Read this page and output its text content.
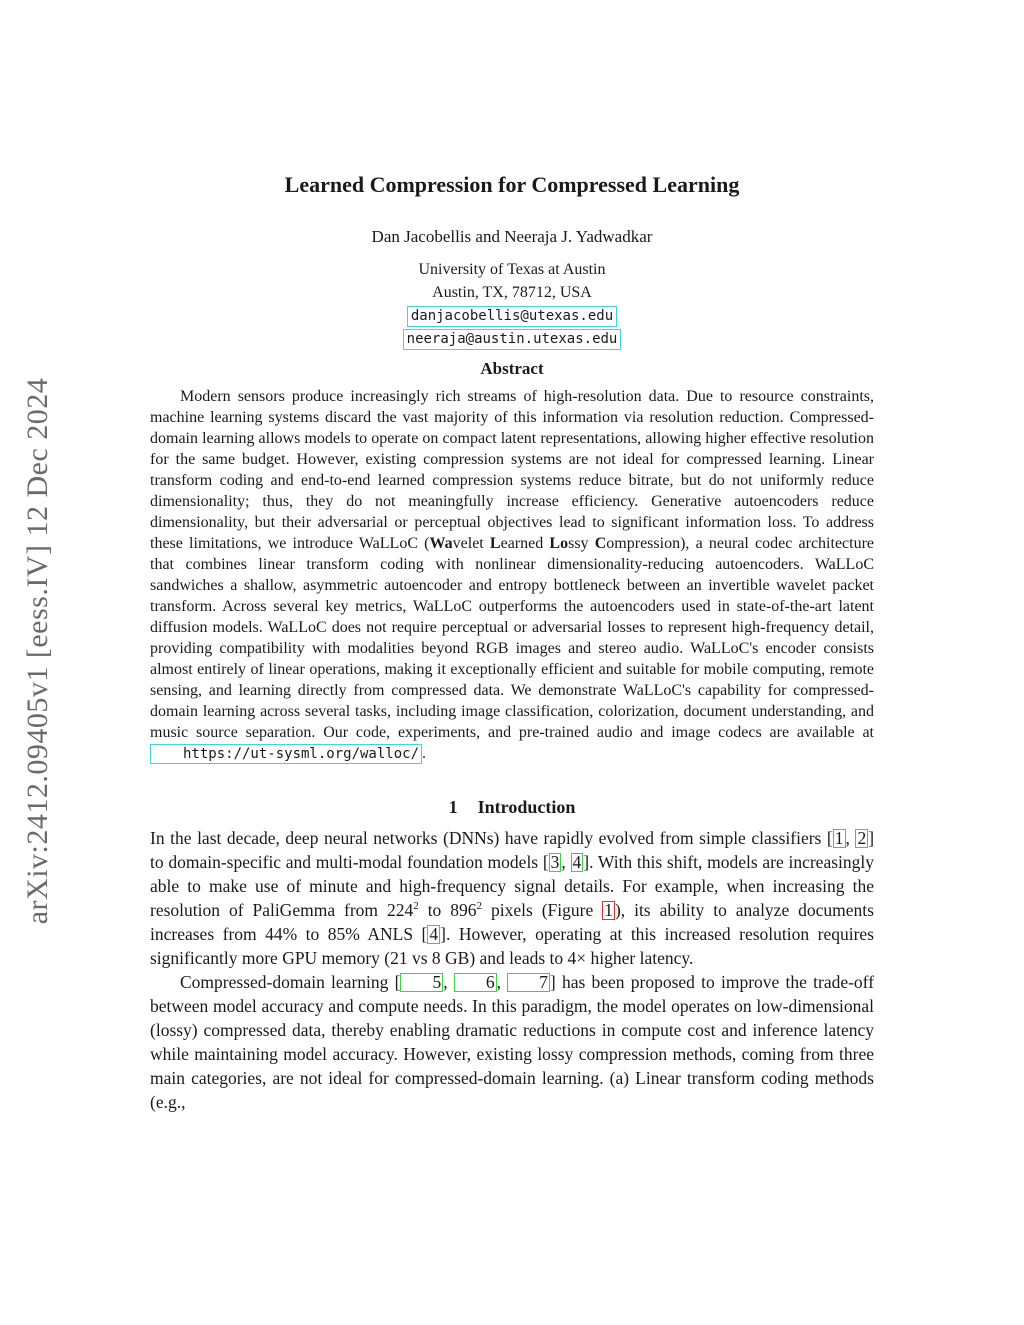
arXiv:2412.09405v1 [eess.IV] 12 Dec 2024
Learned Compression for Compressed Learning
Dan Jacobellis and Neeraja J. Yadwadkar
University of Texas at Austin
Austin, TX, 78712, USA
danjacobellis@utexas.edu
neeraja@austin.utexas.edu
Abstract

Modern sensors produce increasingly rich streams of high-resolution data. Due to resource constraints, machine learning systems discard the vast majority of this information via resolution reduction. Compressed-domain learning allows models to operate on compact latent representations, allowing higher effective resolution for the same budget. However, existing compression systems are not ideal for compressed learning. Linear transform coding and end-to-end learned compression systems reduce bitrate, but do not uniformly reduce dimensionality; thus, they do not meaningfully increase efficiency. Generative autoencoders reduce dimensionality, but their adversarial or perceptual objectives lead to significant information loss. To address these limitations, we introduce WaLLoC (Wavelet Learned Lossy Compression), a neural codec architecture that combines linear transform coding with nonlinear dimensionality-reducing autoencoders. WaLLoC sandwiches a shallow, asymmetric autoencoder and entropy bottleneck between an invertible wavelet packet transform. Across several key metrics, WaLLoC outperforms the autoencoders used in state-of-the-art latent diffusion models. WaLLoC does not require perceptual or adversarial losses to represent high-frequency detail, providing compatibility with modalities beyond RGB images and stereo audio. WaLLoC's encoder consists almost entirely of linear operations, making it exceptionally efficient and suitable for mobile computing, remote sensing, and learning directly from compressed data. We demonstrate WaLLoC's capability for compressed-domain learning across several tasks, including image classification, colorization, document understanding, and music source separation. Our code, experiments, and pre-trained audio and image codecs are available at https://ut-sysml.org/walloc/ .

1 Introduction

In the last decade, deep neural networks (DNNs) have rapidly evolved from simple classifiers [ 1 , 2 ] to domain-specific and multi-modal foundation models [ 3 , 4 ]. With this shift, models are increasingly able to make use of minute and high-frequency signal details. For example, when increasing the resolution of PaliGemma from $224^2$ to $896^2$ pixels (Figure 1 ), its ability to analyze documents increases from 44% to 85% ANLS [ 4 ]. However, operating at this increased resolution requires significantly more GPU memory (21 vs 8 GB) and leads to 4× higher latency.

Compressed-domain learning [ 5 , 6 , 7 ] has been proposed to improve the trade-off between model accuracy and compute needs. In this paradigm, the model operates on low-dimensional (lossy) compressed data, thereby enabling dramatic reductions in compute cost and inference latency while maintaining model accuracy. However, existing lossy compression methods, coming from three main categories, are not ideal for compressed-domain learning. (a) Linear transform coding methods (e.g.,
